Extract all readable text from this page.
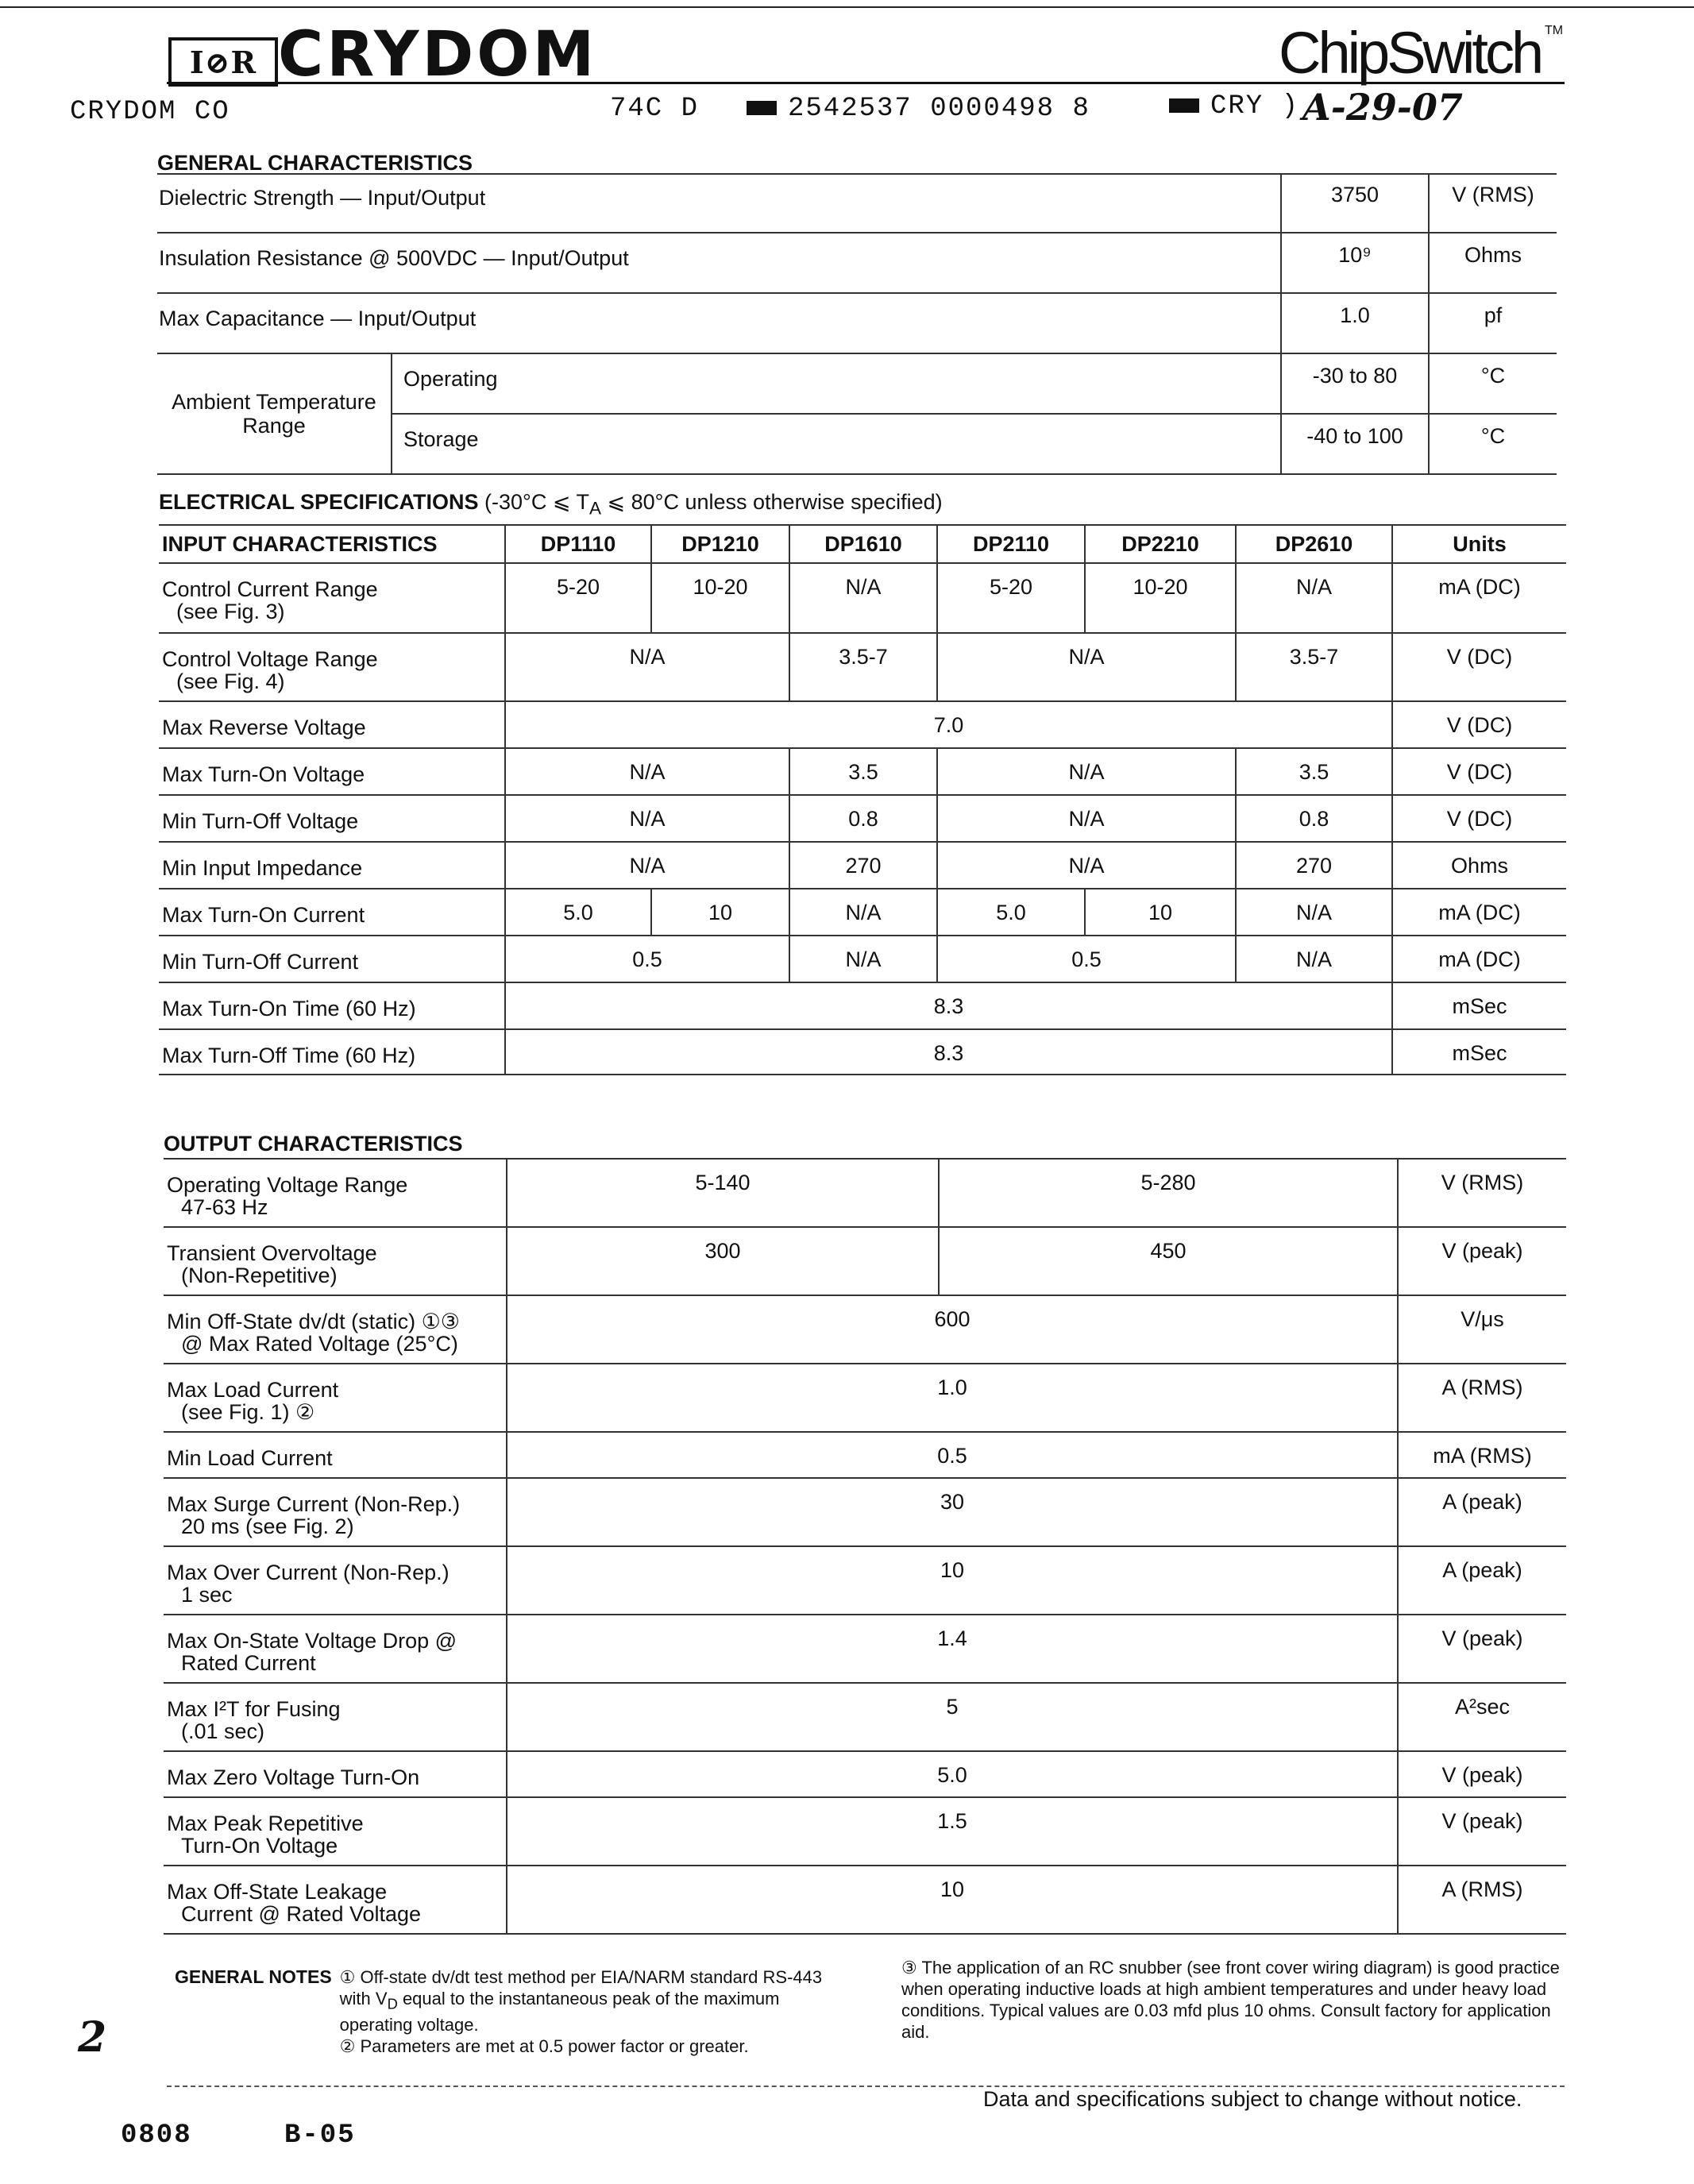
I⊘R CRYDOM	ChipSwitch TM
CRYDOM CO	74C D	2542537 0000498 8	CRY ) A-29-07
GENERAL CHARACTERISTICS
Dielectric Strength — Input/Output		3750	V (RMS)
Insulation Resistance @ 500VDC — Input/Output		10⁹	Ohms
Max Capacitance — Input/Output		1.0	pf
Ambient Temperature Range	Operating	-30 to 80	°C
	Storage	-40 to 100	°C
ELECTRICAL SPECIFICATIONS (-30°C ⩽ $T_A$ ⩽ 80°C unless otherwise specified)
INPUT CHARACTERISTICS	DP1110	DP1210	DP1610	DP2110	DP2210	DP2610	Units

Control Current Range
(see Fig. 3)	5-20	10-20	N/A	5-20	10-20	N/A	mA (DC)

Control Voltage Range
(see Fig. 4)	N/A		3.5-7	N/A		3.5-7	V (DC)
Max Reverse Voltage	7.0						V (DC)
Max Turn-On Voltage	N/A		3.5	N/A		3.5	V (DC)
Min Turn-Off Voltage	N/A		0.8	N/A		0.8	V (DC)
Min Input Impedance	N/A		270	N/A		270	Ohms
Max Turn-On Current	5.0	10	N/A	5.0	10	N/A	mA (DC)
Min Turn-Off Current	0.5		N/A	0.5		N/A	mA (DC)
Max Turn-On Time (60 Hz)	8.3						mSec
Max Turn-Off Time (60 Hz)	8.3						mSec
OUTPUT CHARACTERISTICS
Operating Voltage Range
47-63 Hz	5-140	5-280	V (RMS)

Transient Overvoltage
(Non-Repetitive)	300	450	V (peak)

Min Off-State dv/dt (static) ①③
@ Max Rated Voltage (25°C)	600		V/μs

Max Load Current
(see Fig. 1) ②	1.0		A (RMS)
Min Load Current	0.5		mA (RMS)

Max Surge Current (Non-Rep.)
20 ms (see Fig. 2)	30		A (peak)

Max Over Current (Non-Rep.)
1 sec	10		A (peak)

Max On-State Voltage Drop @
Rated Current	1.4		V (peak)

Max I²T for Fusing
(.01 sec)	5		A²sec
Max Zero Voltage Turn-On	5.0		V (peak)

Max Peak Repetitive
Turn-On Voltage	1.5		V (peak)

Max Off-State Leakage
Current @ Rated Voltage	10		A (RMS)
GENERAL NOTES ① Off-state dv/dt test method per EIA/NARM standard RS-443 with $V_D$ equal to the instantaneous peak of the maximum operating voltage.
② Parameters are met at 0.5 power factor or greater.
③ The application of an RC snubber (see front cover wiring diagram) is good practice when operating inductive loads at high ambient temperatures and under heavy load conditions. Typical values are 0.03 mfd plus 10 ohms. Consult factory for application aid.
2
Data and specifications subject to change without notice.
0808	B-05
